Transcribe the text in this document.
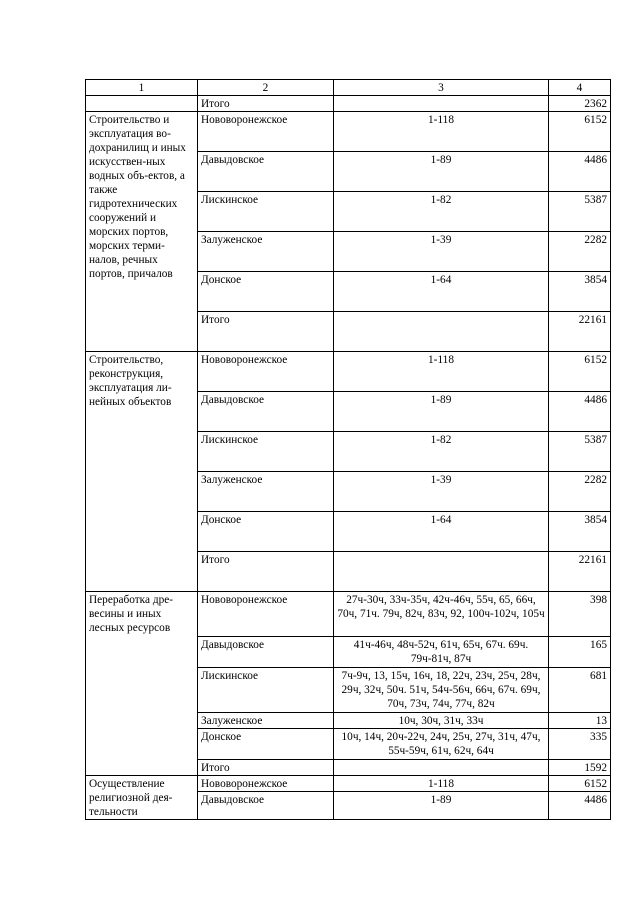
1	2	3	4
	Итого		2362
Строительство и эксплуатация во-дохранилищ и иных искусствен-ных водных объ-ектов, а также гидротехнических сооружений и морских портов, морских терми-налов, речных портов, причалов	Нововоронежское	1-118	6152
	Давыдовское	1-89	4486
	Лискинское	1-82	5387
	Залуженское	1-39	2282
	Донское	1-64	3854
	Итого		22161
Строительство, реконструкция, эксплуатация ли-нейных объектов	Нововоронежское	1-118	6152
	Давыдовское	1-89	4486
	Лискинское	1-82	5387
	Залуженское	1-39	2282
	Донское	1-64	3854
	Итого		22161
Переработка дре-весины и иных лесных ресурсов	Нововоронежское	27ч-30ч, 33ч-35ч, 42ч-46ч, 55ч, 65, 66ч, 70ч, 71ч. 79ч, 82ч, 83ч, 92, 100ч-102ч, 105ч	398
	Давыдовское	41ч-46ч, 48ч-52ч, 61ч, 65ч, 67ч. 69ч. 79ч-81ч, 87ч	165
	Лискинское	7ч-9ч, 13, 15ч, 16ч, 18, 22ч, 23ч, 25ч, 28ч, 29ч, 32ч, 50ч. 51ч, 54ч-56ч, 66ч, 67ч. 69ч, 70ч, 73ч, 74ч, 77ч, 82ч	681
	Залуженское	10ч, 30ч, 31ч, 33ч	13
	Донское	10ч, 14ч, 20ч-22ч, 24ч, 25ч, 27ч, 31ч, 47ч, 55ч-59ч, 61ч, 62ч, 64ч	335
	Итого		1592
Осуществление религиозной дея-тельности	Нововоронежское	1-118	6152
	Давыдовское	1-89	4486
